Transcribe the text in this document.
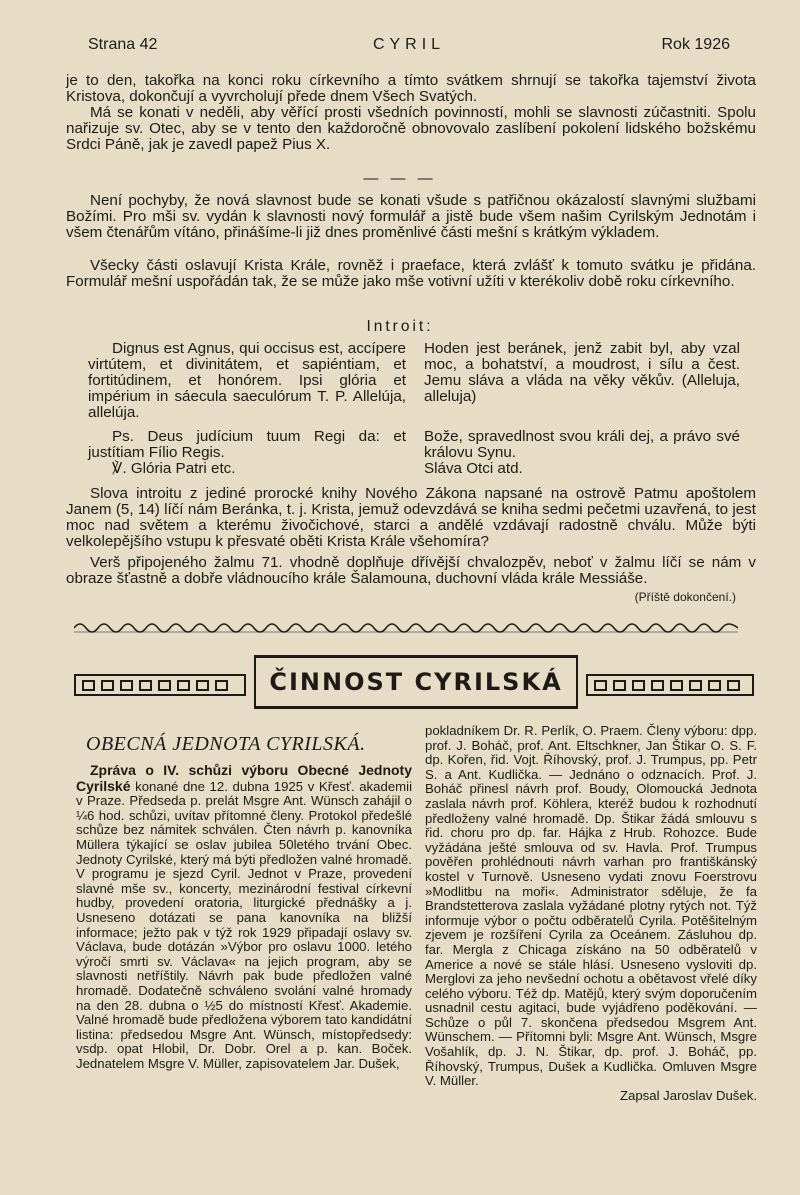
Strana 42	CYRIL	Rok 1926

je to den, takořka na konci roku církevního a tímto svátkem shrnují se takořka tajemství života Kristova, dokončují a vyvrcholují přede dnem Všech Svatých.

Má se konati v neděli, aby věřící prosti všedních povinností, mohli se slavnosti zúčastniti. Spolu nařizuje sv. Otec, aby se v tento den každoročně obnovovalo zaslíbení pokolení lidského božskému Srdci Páně, jak je zavedl papež Pius X.

— — —

Není pochyby, že nová slavnost bude se konati všude s patřičnou okázalostí slavnými službami Božími. Pro mši sv. vydán k slavnosti nový formulář a jistě bude všem našim Cyrilským Jednotám i všem čtenářům vítáno, přinášíme-li již dnes proměnlivé části mešní s krátkým výkladem.

Všecky části oslavují Krista Krále, rovněž i praeface, která zvlášť k tomuto svátku je přidána. Formulář mešní uspořádán tak, že se může jako mše votivní užíti v kterékoliv době roku církevního.

Introit:
Dignus est Agnus, qui occisus est, accípere virtútem, et divinitátem, et sapiéntiam, et fortitúdinem, et honórem. Ipsi glória et impérium in sáecula saeculórum T. P. Allelúja, allelúja.
Hoden jest beránek, jenž zabit byl, aby vzal moc, a bohatství, a moudrost, i sílu a čest. Jemu sláva a vláda na věky věkův. (Alleluja, alleluja)

Ps. Deus judícium tuum Regi da: et justítiam Fílio Regis.

℣. Glória Patri etc.

Bože, spravedlnost svou králi dej, a právo své královu Synu.

Sláva Otci atd.

Slova introitu z jediné prorocké knihy Nového Zákona napsané na ostrově Patmu apoštolem Janem (5, 14) líčí nám Beránka, t. j. Krista, jemuž odevzdává se kniha sedmi pečetmi uzavřená, to jest moc nad světem a kterému živočichové, starci a andělé vzdávají radostně chválu. Může býti velkolepějšího vstupu k přesvaté oběti Krista Krále všehomíra?

Verš připojeného žalmu 71. vhodně doplňuje dřívější chvalozpěv, neboť v žalmu líčí se nám v obraze šťastně a dobře vládnoucího krále Šalamouna, duchovní vláda krále Messiáše.

(Příště dokončení.)
ČINNOST CYRILSKÁ
OBECNÁ JEDNOTA CYRILSKÁ.

Zpráva o IV. schůzi výboru Obecné Jednoty Cyrilské konané dne 12. dubna 1925 v Křesť. akademii v Praze. Předseda p. prelát Msgre Ant. Wünsch zahájil o ¼6 hod. schůzi, uvítav přítomné členy. Protokol předešlé schůze bez námitek schválen. Čten návrh p. kanovníka Müllera týkající se oslav jubilea 50letého trvání Obec. Jednoty Cyrilské, který má býti předložen valné hromadě. V programu je sjezd Cyril. Jednot v Praze, provedení slavné mše sv., koncerty, mezinárodní festival církevní hudby, provedení oratoria, liturgické přednášky a j. Usneseno dotázati se pana kanovníka na bližší informace; ježto pak v týž rok 1929 připadají oslavy sv. Václava, bude dotázán »Výbor pro oslavu 1000. letého výročí smrti sv. Václava« na jejich program, aby se slavnosti netříštily. Návrh pak bude předložen valné hromadě. Dodatečně schváleno svolání valné hromady na den 28. dubna o ½5 do místností Křesť. Akademie. Valné hromadě bude předložena výborem tato kandidátní listina: předsedou Msgre Ant. Wünsch, místopředsedy: vsdp. opat Hlobil, Dr. Dobr. Orel a p. kan. Boček. Jednatelem Msgre V. Müller, zapisovatelem Jar. Dušek,

pokladníkem Dr. R. Perlík, O. Praem. Členy výboru: dpp. prof. J. Boháč, prof. Ant. Eltschkner, Jan Štikar O. S. F. dp. Kořen, řid. Vojt. Říhovský, prof. J. Trumpus, pp. Petr S. a Ant. Kudlička. — Jednáno o odznacích. Prof. J. Boháč přinesl návrh prof. Boudy, Olomoucká Jednota zaslala návrh prof. Köhlera, kteréž budou k rozhodnutí předloženy valné hromadě. Dp. Štikar žádá smlouvu s řid. choru pro dp. far. Hájka z Hrub. Rohozce. Bude vyžádána ješté smlouva od sv. Havla. Prof. Trumpus pověřen prohlédnouti návrh varhan pro františkánský kostel v Turnově. Usneseno vydati znovu Foerstrovu »Modlitbu na moři«. Administrator sděluje, že fa Brandstetterova zaslala vyžádané plotny rytých not. Týž informuje výbor o počtu odběratelů Cyrila. Potěšitelným zjevem je rozšíření Cyrila za Oceánem. Zásluhou dp. far. Mergla z Chicaga získáno na 50 odběratelů v Americe a nové se stále hlásí. Usneseno vysloviti dp. Merglovi za jeho nevšední ochotu a obětavost vřelé díky celého výboru. Též dp. Matějů, který svým doporučením usnadnil cestu agitaci, bude vyjádřeno poděkování. — Schůze o půl 7. skončena předsedou Msgrem Ant. Wünschem. — Přítomni byli: Msgre Ant. Wünsch, Msgre Vošahlík, dp. J. N. Štikar, dp. prof. J. Boháč, pp. Říhovský, Trumpus, Dušek a Kudlička. Omluven Msgre V. Müller.

Zapsal Jaroslav Dušek.
